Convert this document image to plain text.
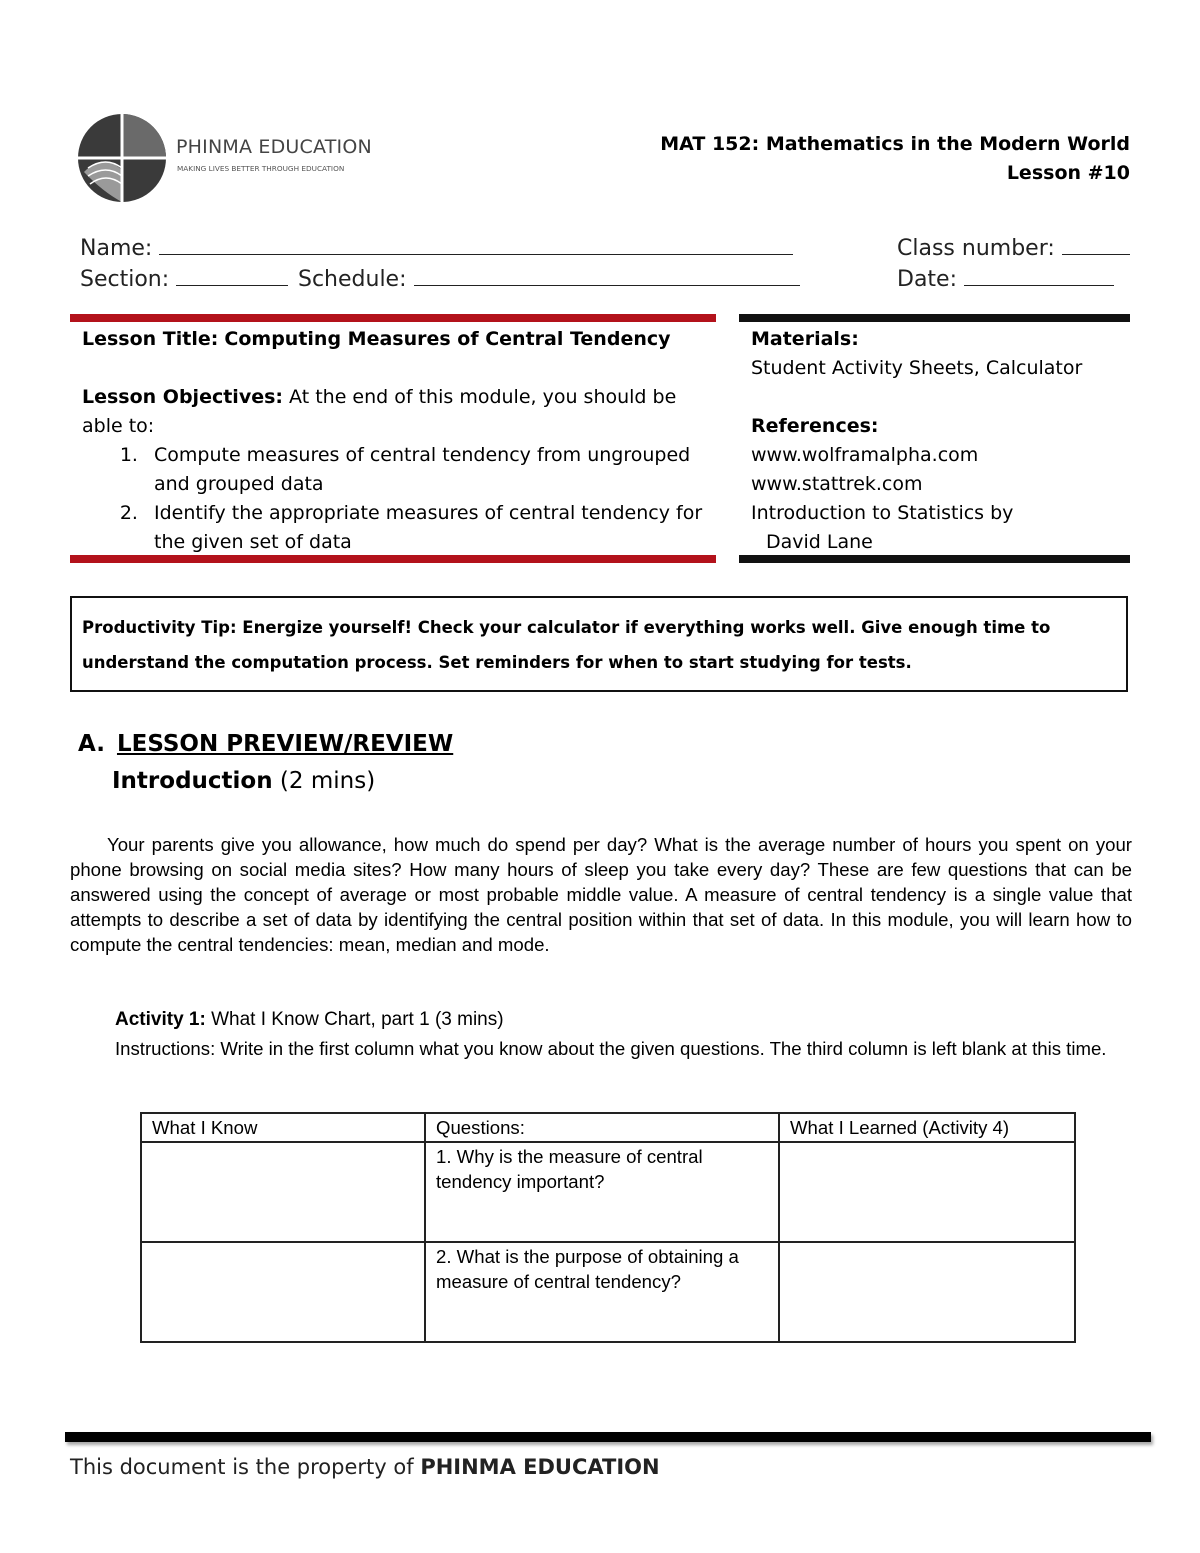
PHINMA EDUCATION
MAKING LIVES BETTER THROUGH EDUCATION
MAT 152: Mathematics in the Modern World
Lesson #10
Name:	Class number:
Section:	Schedule:	Date:
Lesson Title: Computing Measures of Central Tendency
Lesson Objectives: At the end of this module, you should be able to:
1. Compute measures of central tendency from ungrouped and grouped data
2. Identify the appropriate measures of central tendency for the given set of data
Materials:
Student Activity Sheets, Calculator
References:
www.wolframalpha.com
www.stattrek.com
Introduction to Statistics by
David Lane
Productivity Tip: Energize yourself! Check your calculator if everything works well. Give enough time to understand the computation process. Set reminders for when to start studying for tests.
A. LESSON PREVIEW/REVIEW
Introduction (2 mins)
Your parents give you allowance, how much do spend per day? What is the average number of hours you spent on your phone browsing on social media sites? How many hours of sleep you take every day? These are few questions that can be answered using the concept of average or most probable middle value. A measure of central tendency is a single value that attempts to describe a set of data by identifying the central position within that set of data. In this module, you will learn how to compute the central tendencies: mean, median and mode.
Activity 1: What I Know Chart, part 1 (3 mins)
Instructions: Write in the first column what you know about the given questions. The third column is left blank at this time.
What I Know	Questions:	What I Learned (Activity 4)
	1. Why is the measure of central tendency important?	
	2. What is the purpose of obtaining a measure of central tendency?	
This document is the property of PHINMA EDUCATION
